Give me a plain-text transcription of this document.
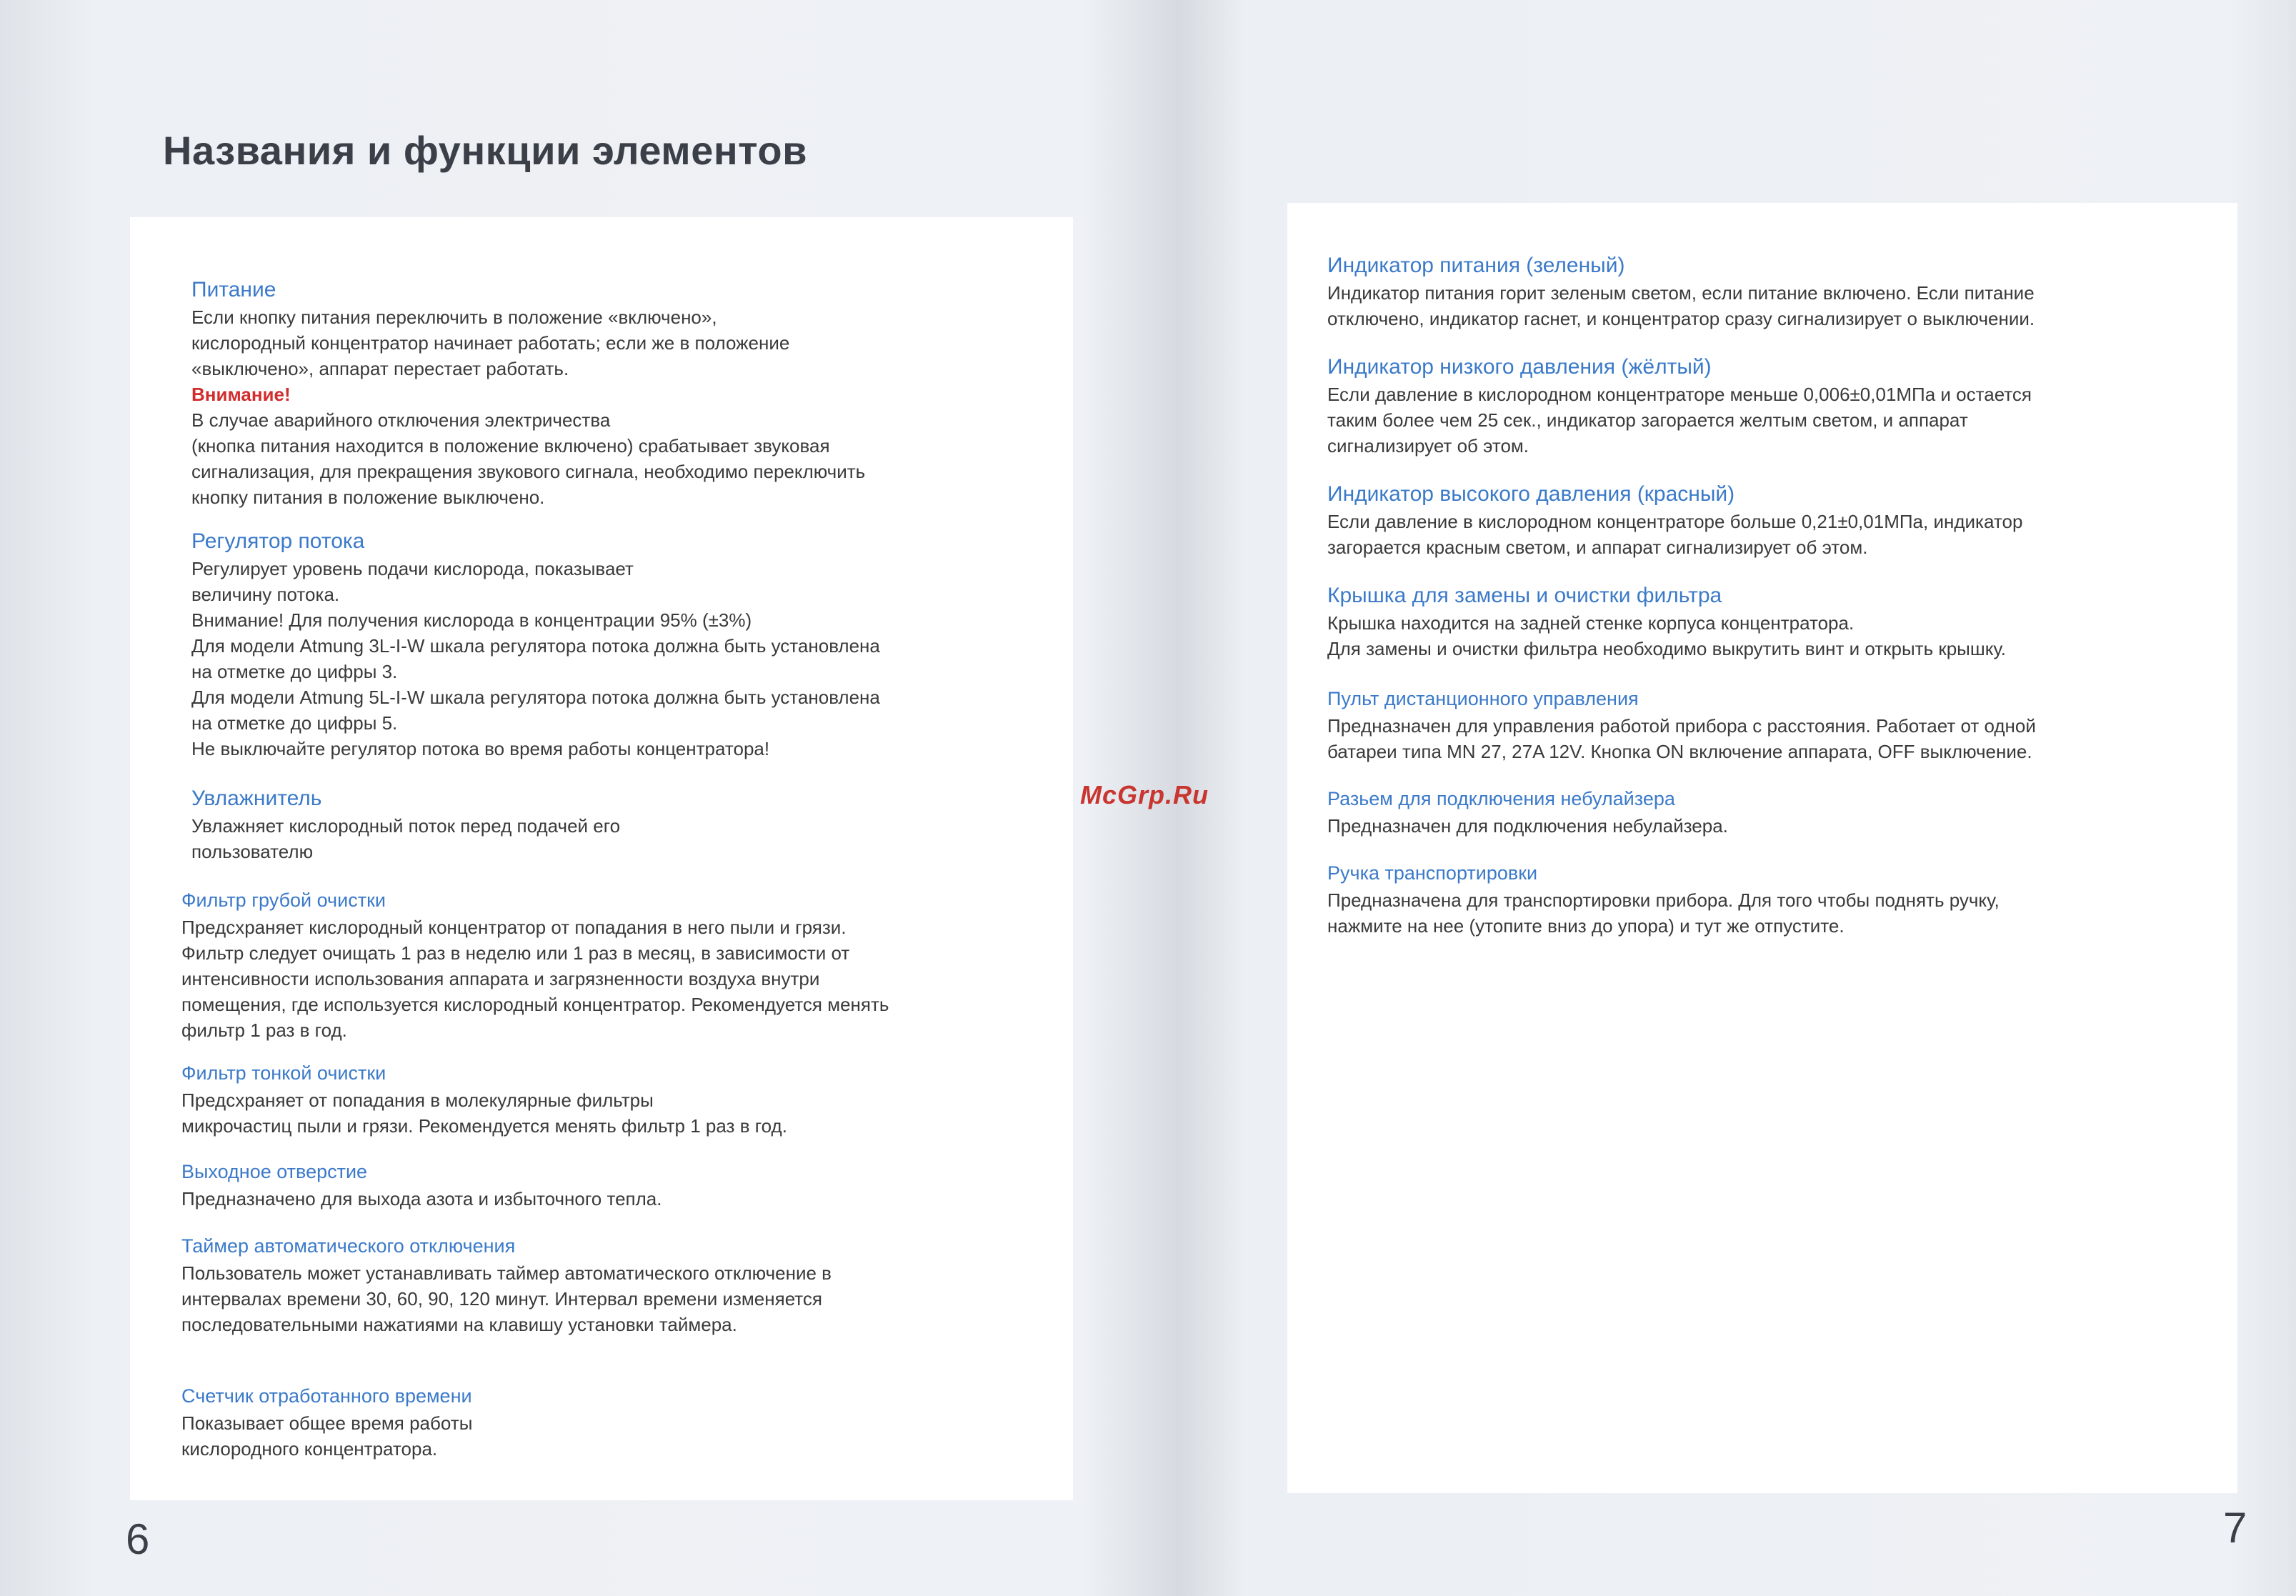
Названия и функции элементов
Питание
Если кнопку питания переключить в положение «включено»,
кислородный концентратор начинает работать; если же в положение
«выключено», аппарат перестает работать.
Внимание!
В случае аварийного отключения электричества
(кнопка питания находится в положение включено) срабатывает звуковая
сигнализация, для прекращения звукового сигнала, необходимо переключить
кнопку питания в положение выключено.
Регулятор потока
Регулирует уровень подачи кислорода, показывает
величину потока.
Внимание! Для получения кислорода в концентрации 95% (±3%)
Для модели Atmung 3L-I-W шкала регулятора потока должна быть установлена
на отметке до цифры 3.
Для модели Atmung 5L-I-W шкала регулятора потока должна быть установлена
на отметке до цифры 5.
Не выключайте регулятор потока во время работы концентратора!
Увлажнитель
Увлажняет кислородный поток перед подачей его
пользователю
Фильтр грубой очистки
Предсхраняет кислородный концентратор от попадания в него пыли и грязи.
Фильтр следует очищать 1 раз в неделю или 1 раз в месяц, в зависимости от
интенсивности использования аппарата и загрязненности воздуха внутри
помещения, где используется кислородный концентратор. Рекомендуется менять
фильтр 1 раз в год.
Фильтр тонкой очистки
Предсхраняет от попадания в молекулярные фильтры
микрочастиц пыли и грязи. Рекомендуется менять фильтр 1 раз в год.
Выходное отверстие
Предназначено для выхода азота и избыточного тепла.
Таймер автоматического отключения
Пользователь может устанавливать таймер автоматического отключение в
интервалах времени 30, 60, 90, 120 минут. Интервал времени изменяется
последовательными нажатиями на клавишу установки таймера.
Счетчик отработанного времени
Показывает общее время работы
кислородного концентратора.
Индикатор питания (зеленый)
Индикатор питания горит зеленым светом, если питание включено. Если питание
отключено, индикатор гаснет, и концентратор сразу сигнализирует о выключении.
Индикатор низкого давления (жёлтый)
Если давление в кислородном концентраторе меньше 0,006±0,01МПа и остается
таким более чем 25 сек., индикатор загорается желтым светом, и аппарат
сигнализирует об этом.
Индикатор высокого давления (красный)
Если давление в кислородном концентраторе больше 0,21±0,01МПа, индикатор
загорается красным светом, и аппарат сигнализирует об этом.
Крышка для замены и очистки фильтра
Крышка находится на задней стенке корпуса концентратора.
Для замены и очистки фильтра необходимо выкрутить винт и открыть крышку.
Пульт дистанционного управления
Предназначен для управления работой прибора с расстояния. Работает от одной
батареи типа MN 27, 27A 12V. Кнопка ON включение аппарата, OFF выключение.
Разьем для подключения небулайзера
Предназначен для подключения небулайзера.
Ручка транспортировки
Предназначена для транспортировки прибора. Для того чтобы поднять ручку,
нажмите на нее (утопите вниз до упора) и тут же отпустите.
McGrp.Ru
6	7
